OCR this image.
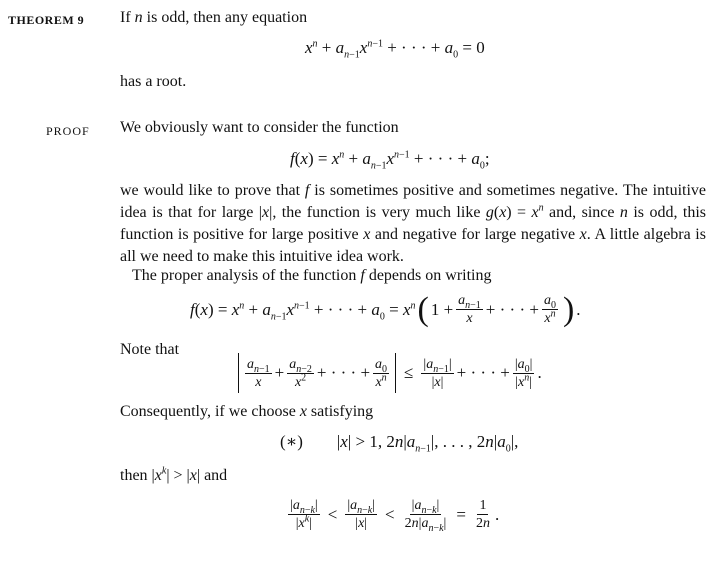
THEOREM 9 If n is odd, then any equation
$x^n + a_{n-1}x^{n-1}$ + · · · + $a_0 = 0$
has a root.
PROOF We obviously want to consider the function
$f(x) = x^n + a_{n-1}x^{n-1}$ + · · · + $a_0$;
we would like to prove that f is sometimes positive and sometimes negative. The intuitive idea is that for large |x|, the function is very much like $g(x) = x^n$ and, since n is odd, this function is positive for large positive x and negative for large negative x. A little algebra is all we need to make this intuitive idea work.
The proper analysis of the function f depends on writing
$f(x) = x^n + a_{n-1}x^{n-1}$ + · · · + $a_0 = x^n$ ( $1 + \frac{a_{n-1}}{x}$ + · · · + $\frac{a_0}{x^n}$ ) .
Note that
$\frac{a_{n-1}}{x} + \frac{a_{n-2}}{x^2}$ + · · · + $\frac{a_0}{x^n} \le \frac{|a_{n-1}|}{|x|}$ + · · · + $\frac{|a_0|}{|x^n|}$ .
Consequently, if we choose x satisfying
(∗) |x| > 1, $2n|a_{n-1}|$, . . . , $2n|a_0|$,
then $|x^k| > |x|$ and
$\frac{|a_{n-k}|}{|x^k|} < \frac{|a_{n-k}|}{|x|} < \frac{|a_{n-k}|}{2n|a_{n-k}|} = \frac{1}{2n}$ .
